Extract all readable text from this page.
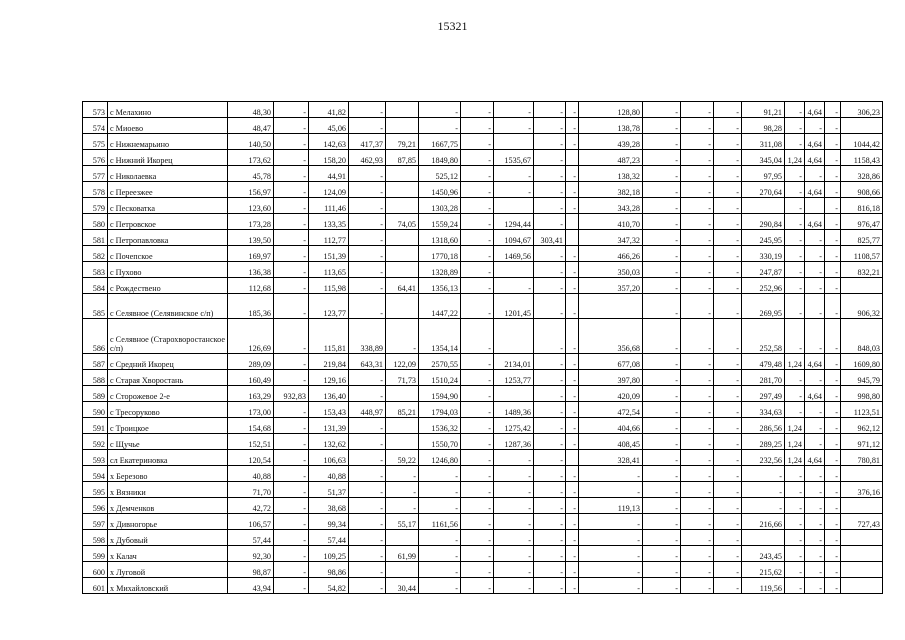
15321
573	с Мелахино	48,30	-	41,82	-		-	-	-	-	-	128,80	-	-	-	91,21	-	4,64	-	306,23
574	с Миоево	48,47	-	45,06	-		-	-	-	-	-	138,78	-	-	-	98,28	-	-	-	
575	с Нижнемарьино	140,50	-	142,63	417,37	79,21	1667,75	-		-	-	439,28	-	-	-	311,08	-	4,64	-	1044,42
576	с Нижний Икорец	173,62	-	158,20	462,93	87,85	1849,80	-	1535,67	-		487,23	-	-	-	345,04	1,24	4,64	-	1158,43
577	с Николаевка	45,78	-	44,91	-		525,12	-	-	-	-	138,32	-	-	-	97,95	-	-	-	328,86
578	с Переезжее	156,97	-	124,09	-		1450,96	-	-	-	-	382,18	-	-	-	270,64	-	4,64	-	908,66
579	с Песковатка	123,60	-	111,46	-		1303,28	-		-	-	343,28	-	-	-		-		-	816,18
580	с Петровское	173,28	-	133,35	-	74,05	1559,24	-	1294,44	-		410,70	-	-	-	290,84	-	4,64	-	976,47
581	с Петропавловка	139,50	-	112,77	-		1318,60	-	1094,67	303,41		347,32	-	-	-	245,95	-	-	-	825,77
582	с Почепское	169,97	-	151,39	-		1770,18	-	1469,56	-	-	466,26	-	-	-	330,19	-	-	-	1108,57
583	с Пухово	136,38	-	113,65	-		1328,89	-		-	-	350,03	-	-	-	247,87	-	-	-	832,21
584	с Рождествено	112,68	-	115,98	-	64,41	1356,13	-	-	-	-	357,20	-	-	-	252,96	-	-	-	
585	с Селявное (Селявинское с/п)	185,36	-	123,77	-		1447,22	-	1201,45	-	-		-	-	-	269,95	-	-	-	906,32
586	с Селявное (Старохворостанское с/п)	126,69	-	115,81	338,89	-	1354,14	-		-	-	356,68	-	-	-	252,58	-	-	-	848,03
587	с Средний Икорец	289,09	-	219,84	643,31	122,09	2570,55	-	2134,01	-	-	677,08	-	-	-	479,48	1,24	4,64	-	1609,80
588	с Старая Хворостань	160,49	-	129,16	-	71,73	1510,24	-	1253,77	-	-	397,80	-	-	-	281,70	-	-	-	945,79
589	с Сторожевое 2-е	163,29	932,83	136,40	-		1594,90	-		-	-	420,09	-	-	-	297,49	-	4,64	-	998,80
590	с Тресоруково	173,00	-	153,43	448,97	85,21	1794,03	-	1489,36	-	-	472,54	-	-	-	334,63	-	-	-	1123,51
591	с Троицкое	154,68	-	131,39	-		1536,32	-	1275,42	-	-	404,66	-	-	-	286,56	1,24	-	-	962,12
592	с Щучье	152,51	-	132,62	-		1550,70	-	1287,36	-	-	408,45	-	-	-	289,25	1,24	-	-	971,12
593	сл Екатериновка	120,54	-	106,63	-	59,22	1246,80	-	-	-		328,41	-	-	-	232,56	1,24	4,64	-	780,81
594	х Березово	40,88	-	40,88	-	-	-	-	-	-	-	-	-	-	-	-	-	-	-	
595	х Вязники	71,70	-	51,37	-	-	-	-	-	-	-	-	-	-	-	-	-	-	-	376,16
596	х Демченков	42,72	-	38,68	-	-	-	-	-	-	-	119,13	-	-	-	-	-	-	-	
597	х Дивногорье	106,57	-	99,34	-	55,17	1161,56	-	-	-	-	-	-	-	-	216,66	-	-	-	727,43
598	х Дубовый	57,44	-	57,44	-		-	-	-	-	-	-	-	-	-		-	-	-	
599	х Калач	92,30	-	109,25	-	61,99	-	-	-	-	-	-	-	-	-	243,45	-	-	-	
600	х Луговой	98,87	-	98,86	-		-	-	-	-	-	-	-	-	-	215,62	-	-	-	
601	х Михайловский	43,94	-	54,82	-	30,44	-	-	-	-	-	-	-	-	-	119,56	-	-	-	
